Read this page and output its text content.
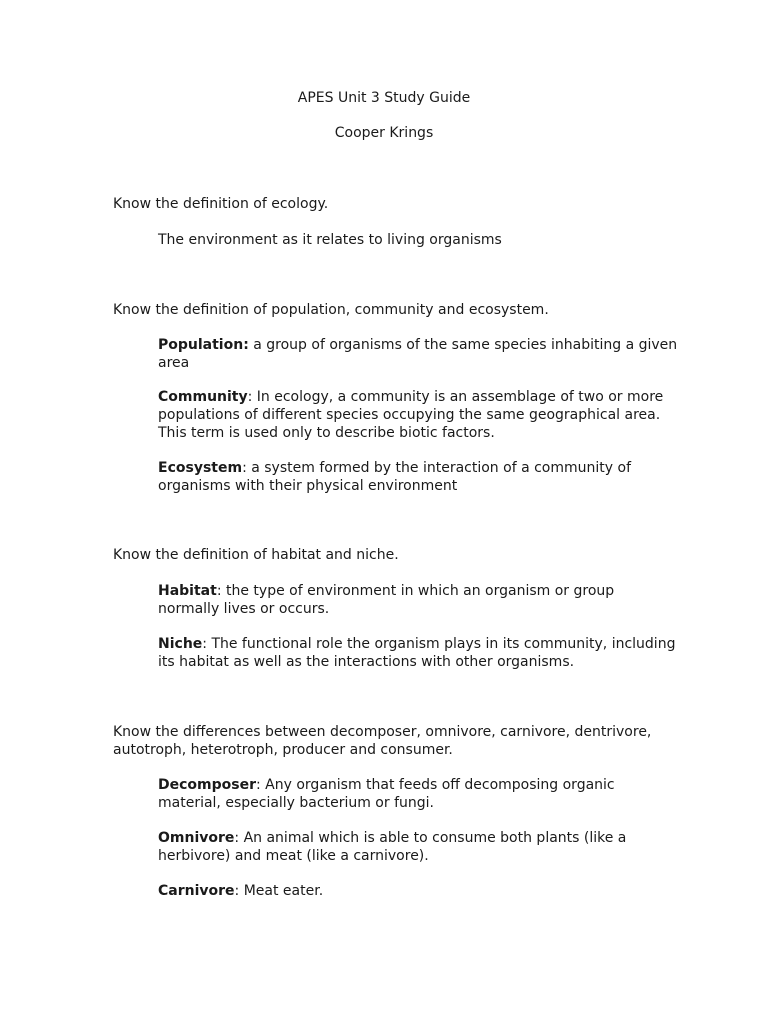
APES Unit 3 Study Guide
Cooper Krings
Know the definition of ecology.
The environment as it relates to living organisms
Know the definition of population, community and ecosystem.
Population: a group of organisms of the same species inhabiting a given area
Community: In ecology, a community is an assemblage of two or more populations of different species occupying the same geographical area. This term is used only to describe biotic factors.
Ecosystem: a system formed by the interaction of a community of organisms with their physical environment
Know the definition of habitat and niche.
Habitat: the type of environment in which an organism or group normally lives or occurs.
Niche: The functional role the organism plays in its community, including its habitat as well as the interactions with other organisms.
Know the differences between decomposer, omnivore, carnivore, dentrivore, autotroph, heterotroph, producer and consumer.
Decomposer: Any organism that feeds off decomposing organic material, especially bacterium or fungi.
Omnivore: An animal which is able to consume both plants (like a herbivore) and meat (like a carnivore).
Carnivore: Meat eater.
